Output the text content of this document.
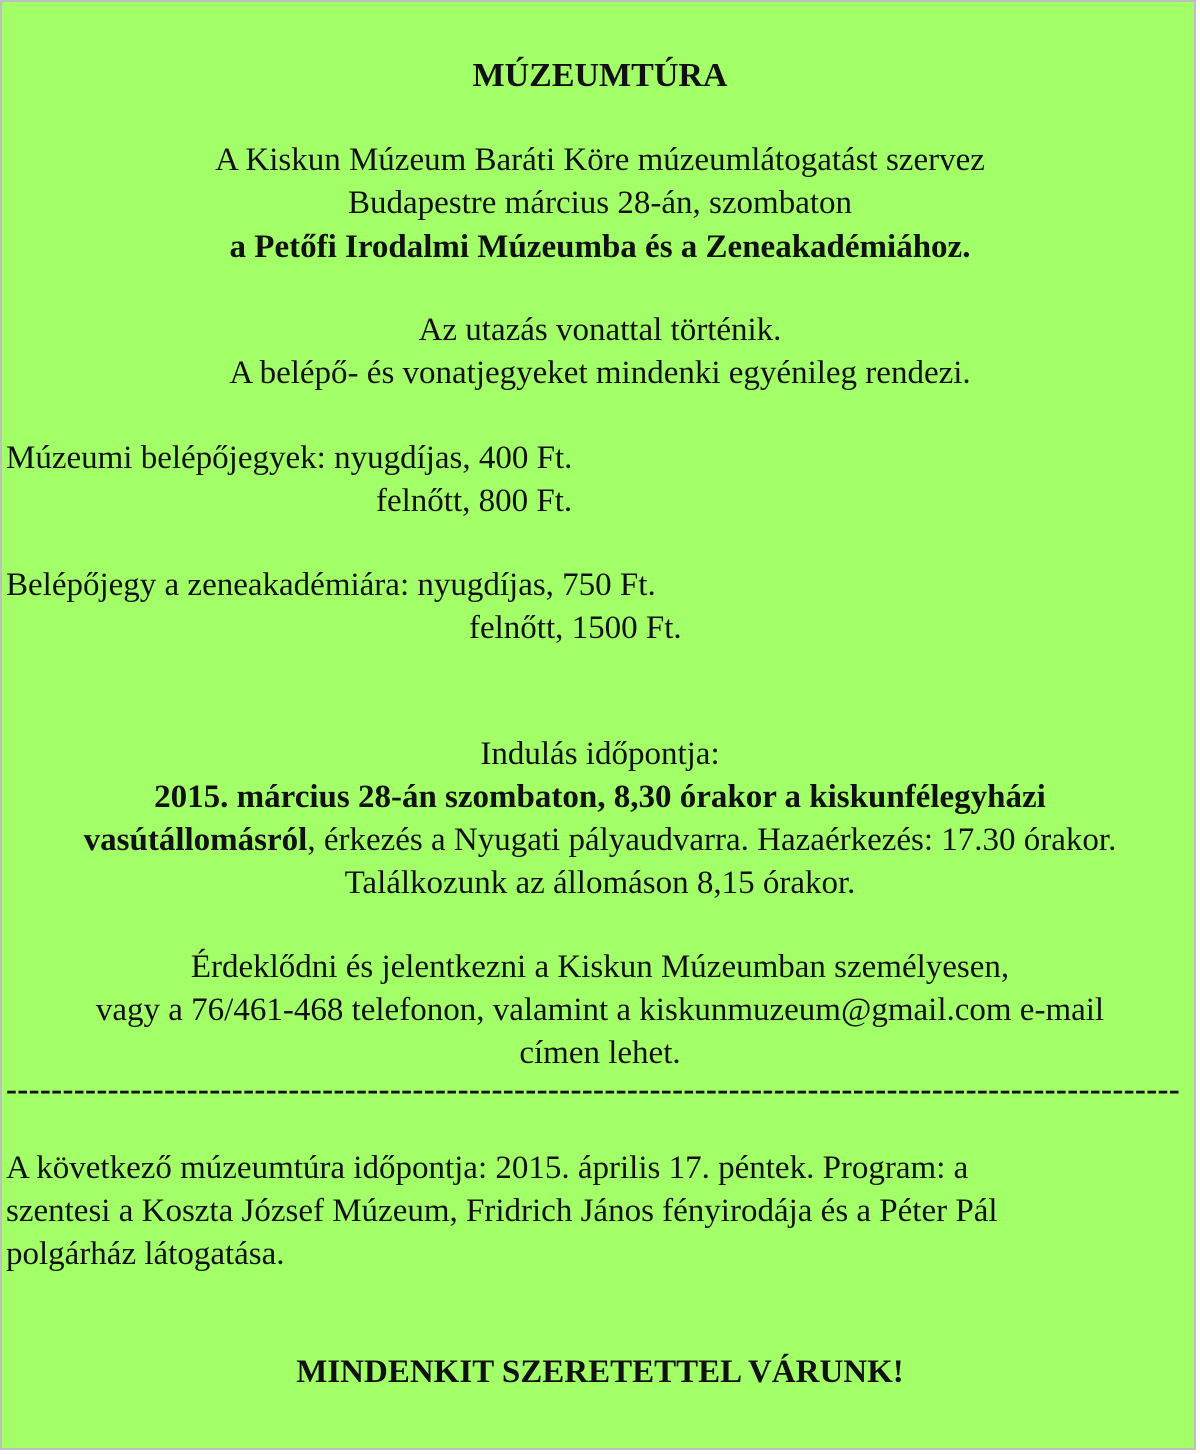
MÚZEUMTÚRA
A Kiskun Múzeum Baráti Köre múzeumlátogatást szervez
Budapestre március 28-án, szombaton
a Petőfi Irodalmi Múzeumba és a Zeneakadémiához.
Az utazás vonattal történik.
A belépő- és vonatjegyeket mindenki egyénileg rendezi.
Múzeumi belépőjegyek: nyugdíjas, 400 Ft.
felnőtt, 800 Ft.
Belépőjegy a zeneakadémiára: nyugdíjas, 750 Ft.
felnőtt, 1500 Ft.
Indulás időpontja:
2015. március 28-án szombaton, 8,30 órakor a kiskunfélegyházi
vasútállomásról, érkezés a Nyugati pályaudvarra. Hazaérkezés: 17.30 órakor.
Találkozunk az állomáson 8,15 órakor.
Érdeklődni és jelentkezni a Kiskun Múzeumban személyesen,
vagy a 76/461-468 telefonon, valamint a kiskunmuzeum@gmail.com e-mail
címen lehet.
--------------------------------------------------------------------------------------------------------
A következő múzeumtúra időpontja: 2015. április 17. péntek. Program: a
szentesi a Koszta József Múzeum, Fridrich János fényirodája és a Péter Pál
polgárház látogatása.
MINDENKIT SZERETETTEL VÁRUNK!
